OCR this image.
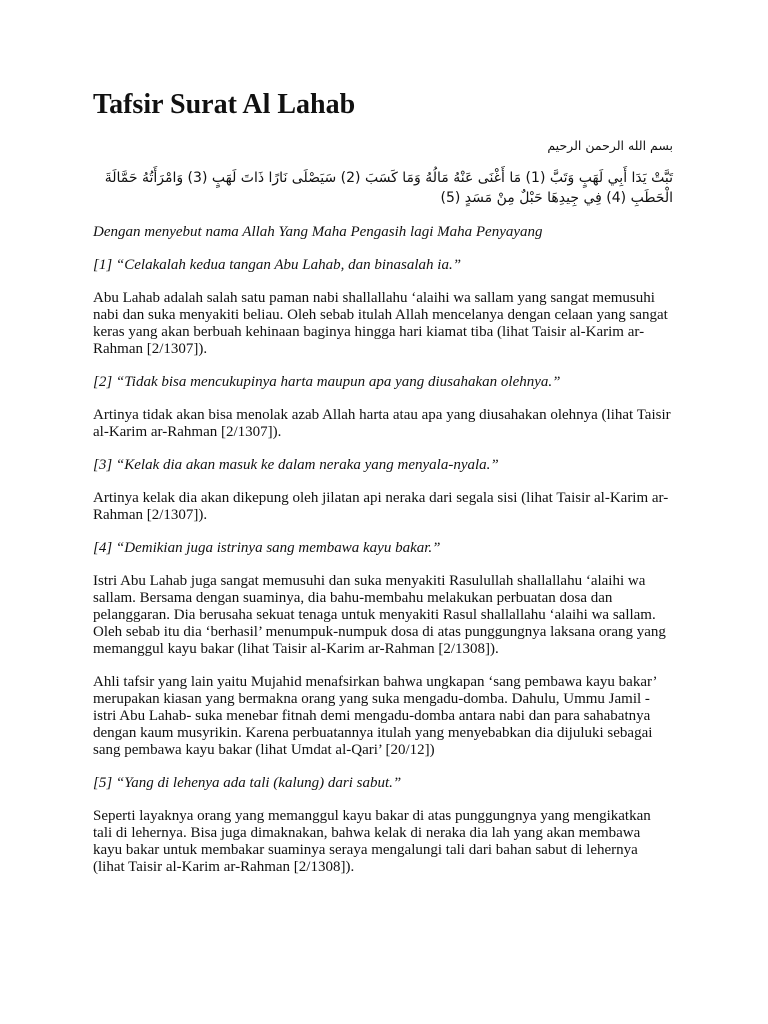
Tafsir Surat Al Lahab
بسم الله الرحمن الرحيم
تَبَّتْ يَدَا أَبِي لَهَبٍ وَتَبَّ (1) مَا أَغْنَى عَنْهُ مَالُهُ وَمَا كَسَبَ (2) سَيَصْلَى نَارًا ذَاتَ لَهَبٍ (3) وَامْرَأَتُهُ حَمَّالَةَ الْحَطَبِ (4) فِي جِيدِهَا حَبْلٌ مِنْ مَسَدٍ (5)

Dengan menyebut nama Allah Yang Maha Pengasih lagi Maha Penyayang

[1] “Celakalah kedua tangan Abu Lahab, dan binasalah ia.”

Abu Lahab adalah salah satu paman nabi shallallahu ‘alaihi wa sallam yang sangat memusuhi nabi dan suka menyakiti beliau. Oleh sebab itulah Allah mencelanya dengan celaan yang sangat keras yang akan berbuah kehinaan baginya hingga hari kiamat tiba (lihat Taisir al-Karim ar-Rahman [2/1307]).

[2] “Tidak bisa mencukupinya harta maupun apa yang diusahakan olehnya.”

Artinya tidak akan bisa menolak azab Allah harta atau apa yang diusahakan olehnya (lihat Taisir al-Karim ar-Rahman [2/1307]).

[3] “Kelak dia akan masuk ke dalam neraka yang menyala-nyala.”

Artinya kelak dia akan dikepung oleh jilatan api neraka dari segala sisi (lihat Taisir al-Karim ar-Rahman [2/1307]).

[4] “Demikian juga istrinya sang membawa kayu bakar.”

Istri Abu Lahab juga sangat memusuhi dan suka menyakiti Rasulullah shallallahu ‘alaihi wa sallam. Bersama dengan suaminya, dia bahu-membahu melakukan perbuatan dosa dan pelanggaran. Dia berusaha sekuat tenaga untuk menyakiti Rasul shallallahu ‘alaihi wa sallam. Oleh sebab itu dia ‘berhasil’ menumpuk-numpuk dosa di atas punggungnya laksana orang yang memanggul kayu bakar (lihat Taisir al-Karim ar-Rahman [2/1308]).

Ahli tafsir yang lain yaitu Mujahid menafsirkan bahwa ungkapan ‘sang pembawa kayu bakar’ merupakan kiasan yang bermakna orang yang suka mengadu-domba. Dahulu, Ummu Jamil - istri Abu Lahab- suka menebar fitnah demi mengadu-domba antara nabi dan para sahabatnya dengan kaum musyrikin. Karena perbuatannya itulah yang menyebabkan dia dijuluki sebagai sang pembawa kayu bakar (lihat Umdat al-Qari’ [20/12])

[5] “Yang di lehenya ada tali (kalung) dari sabut.”

Seperti layaknya orang yang memanggul kayu bakar di atas punggungnya yang mengikatkan tali di lehernya. Bisa juga dimaknakan, bahwa kelak di neraka dia lah yang akan membawa kayu bakar untuk membakar suaminya seraya mengalungi tali dari bahan sabut di lehernya (lihat Taisir al-Karim ar-Rahman [2/1308]).
